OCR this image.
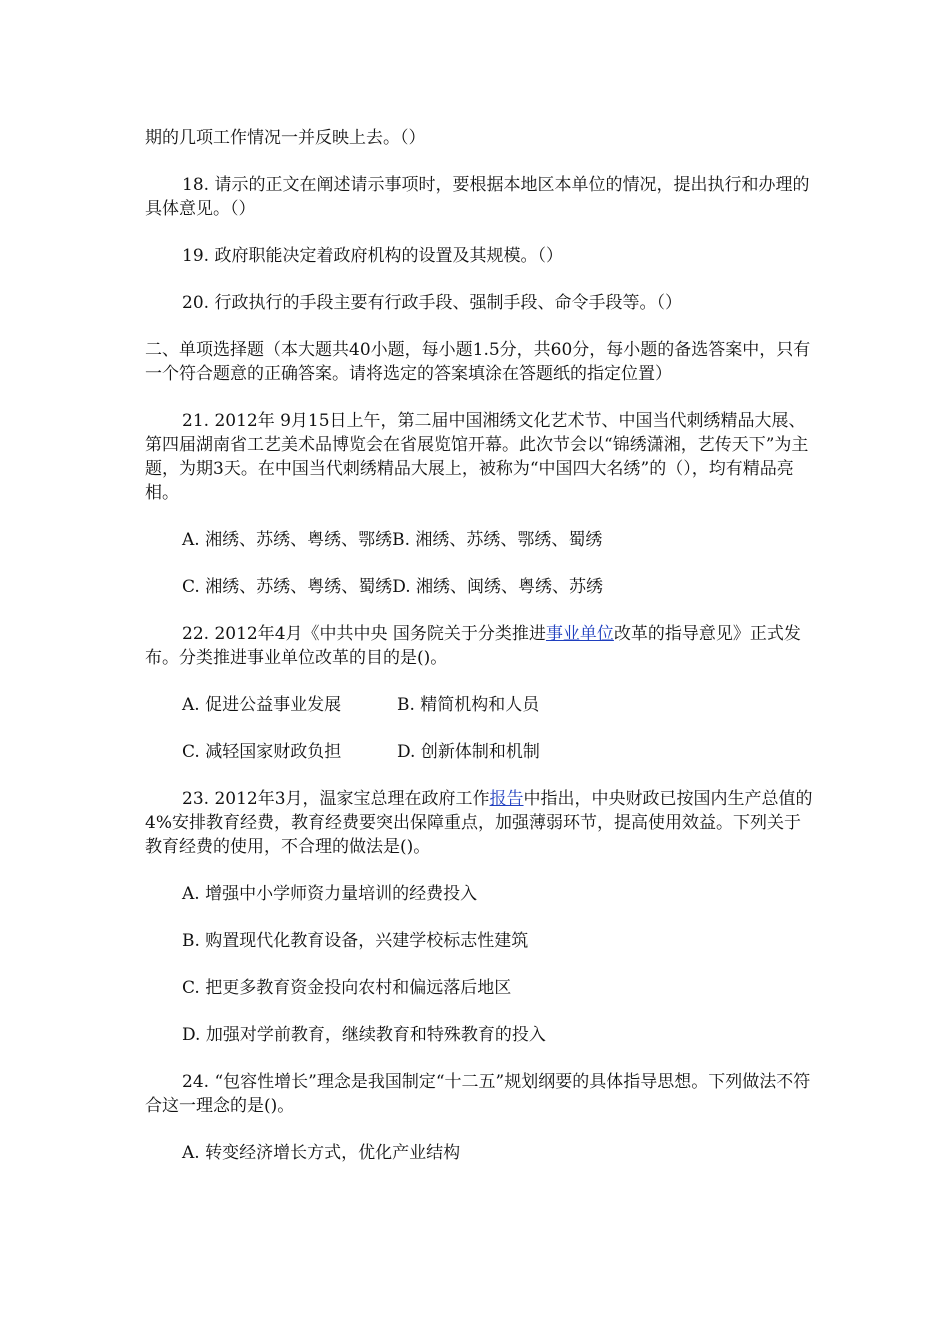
期的几项工作情况一并反映上去。（）

18. 请示的正文在阐述请示事项时，要根据本地区本单位的情况，提出执行和办理的具体意见。（）

19. 政府职能决定着政府机构的设置及其规模。（）

20. 行政执行的手段主要有行政手段、强制手段、命令手段等。（）

二、单项选择题（本大题共40小题，每小题1.5分，共60分，每小题的备选答案中，只有一个符合题意的正确答案。请将选定的答案填涂在答题纸的指定位置）

21. 2012年 9月15日上午，第二届中国湘绣文化艺术节、中国当代刺绣精品大展、第四届湖南省工艺美术品博览会在省展览馆开幕。此次节会以“锦绣潇湘，艺传天下”为主题，为期3天。在中国当代刺绣精品大展上，被称为“中国四大名绣”的（），均有精品亮相。

A. 湘绣、苏绣、粤绣、鄂绣B. 湘绣、苏绣、鄂绣、蜀绣

C. 湘绣、苏绣、粤绣、蜀绣D. 湘绣、闽绣、粤绣、苏绣

22. 2012年4月《中共中央 国务院关于分类推进事业单位改革的指导意见》正式发布。分类推进事业单位改革的目的是()。

A. 促进公益事业发展	B. 精简机构和人员

C. 减轻国家财政负担	D. 创新体制和机制

23. 2012年3月，温家宝总理在政府工作报告中指出，中央财政已按国内生产总值的4%安排教育经费，教育经费要突出保障重点，加强薄弱环节，提高使用效益。下列关于教育经费的使用，不合理的做法是()。

A. 增强中小学师资力量培训的经费投入

B. 购置现代化教育设备，兴建学校标志性建筑

C. 把更多教育资金投向农村和偏远落后地区

D. 加强对学前教育，继续教育和特殊教育的投入

24. “包容性增长”理念是我国制定“十二五”规划纲要的具体指导思想。下列做法不符合这一理念的是()。

A. 转变经济增长方式，优化产业结构
